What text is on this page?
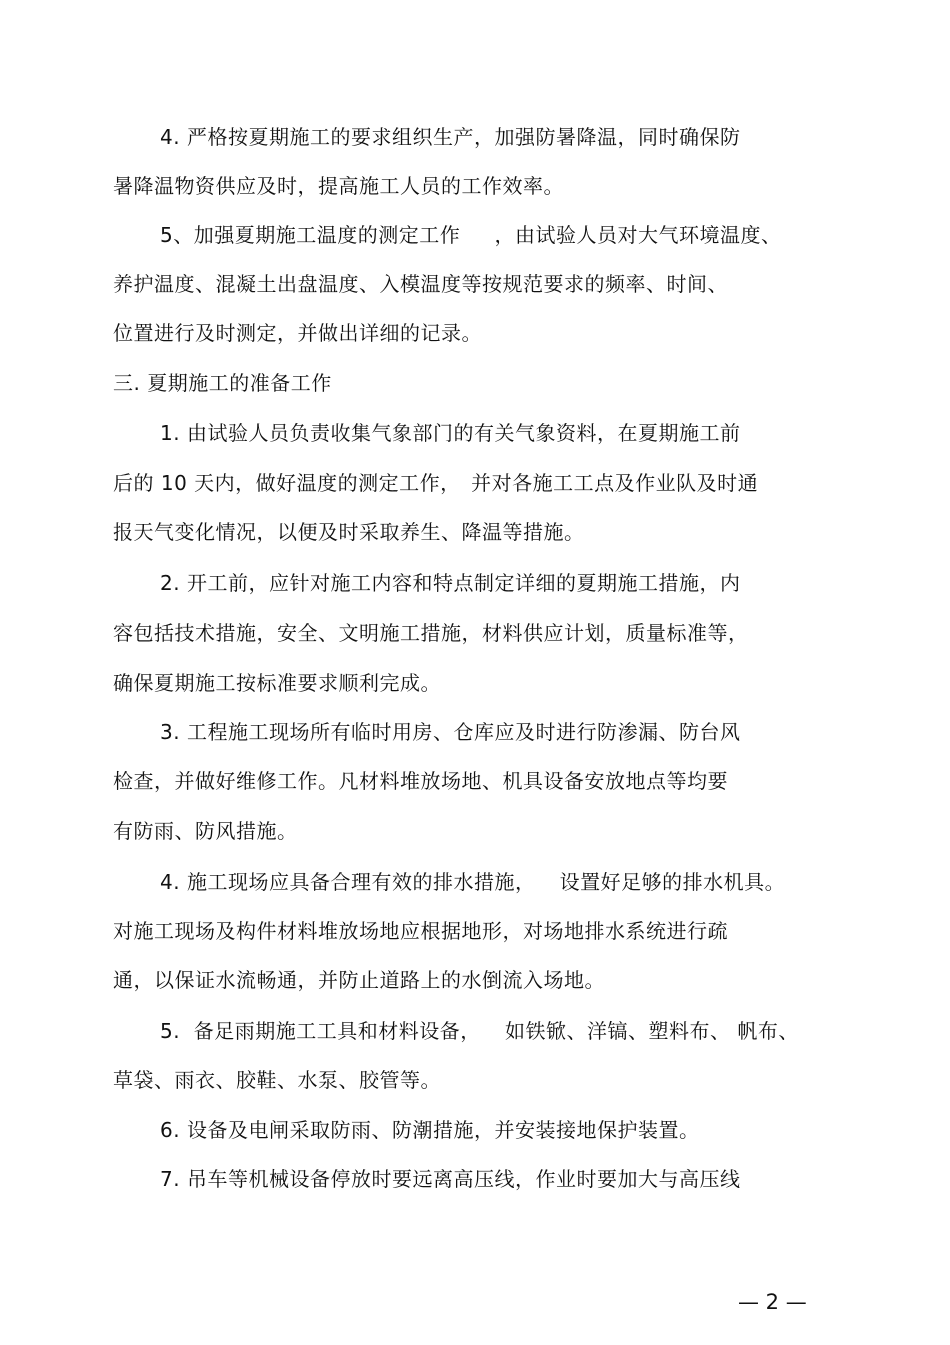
4. 严格按夏期施工的要求组织生产，加强防暑降温，同时确保防
暑降温物资供应及时，提高施工人员的工作效率。
5、加强夏期施工温度的测定工作　  ，由试验人员对大气环境温度、
养护温度、混凝土出盘温度、入模温度等按规范要求的频率、时间、
位置进行及时测定，并做出详细的记录。
三. 夏期施工的准备工作
1. 由试验人员负责收集气象部门的有关气象资料，在夏期施工前
后的 10 天内，做好温度的测定工作，　并对各施工工点及作业队及时通
报天气变化情况，以便及时采取养生、降温等措施。
2. 开工前，应针对施工内容和特点制定详细的夏期施工措施，内
容包括技术措施，安全、文明施工措施，材料供应计划，质量标准等，
确保夏期施工按标准要求顺利完成。
3. 工程施工现场所有临时用房、仓库应及时进行防渗漏、防台风
检查，并做好维修工作。凡材料堆放场地、机具设备安放地点等均要
有防雨、防风措施。
4. 施工现场应具备合理有效的排水措施，　  设置好足够的排水机具。
对施工现场及构件材料堆放场地应根据地形，对场地排水系统进行疏
通，以保证水流畅通，并防止道路上的水倒流入场地。
5.  备足雨期施工工具和材料设备，　  如铁锨、洋镐、塑料布、 帆布、
草袋、雨衣、胶鞋、水泵、胶管等。
6. 设备及电闸采取防雨、防潮措施，并安装接地保护装置。
7. 吊车等机械设备停放时要远离高压线，作业时要加大与高压线
— 2 —
